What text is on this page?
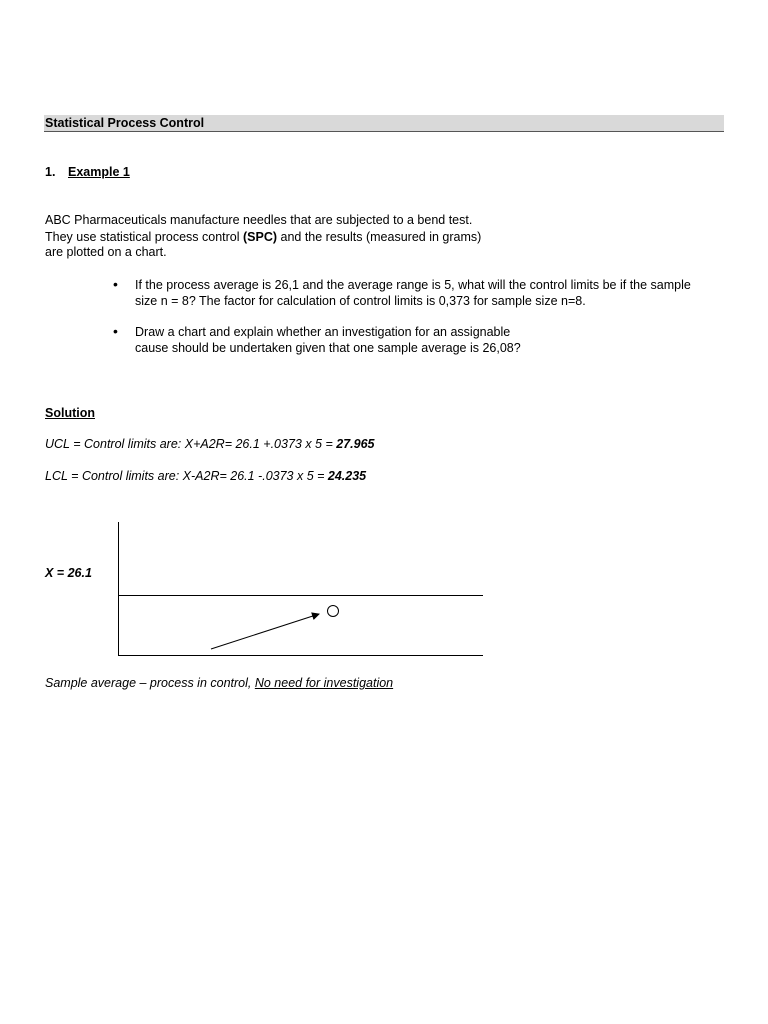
Statistical Process Control
1. Example 1
ABC Pharmaceuticals manufacture needles that are subjected to a bend test.
They use statistical process control (SPC) and the results (measured in grams)
are plotted on a chart.
• If the process average is 26,1 and the average range is 5, what will the control limits be if the sample
size n = 8? The factor for calculation of control limits is 0,373 for sample size n=8.
• Draw a chart and explain whether an investigation for an assignable
cause should be undertaken given that one sample average is 26,08?
Solution
UCL = Control limits are: X+A2R= 26.1 +.0373 x 5 = 27.965
LCL = Control limits are: X-A2R= 26.1 -.0373 x 5 = 24.235
X = 26.1
Sample average – process in control, No need for investigation
